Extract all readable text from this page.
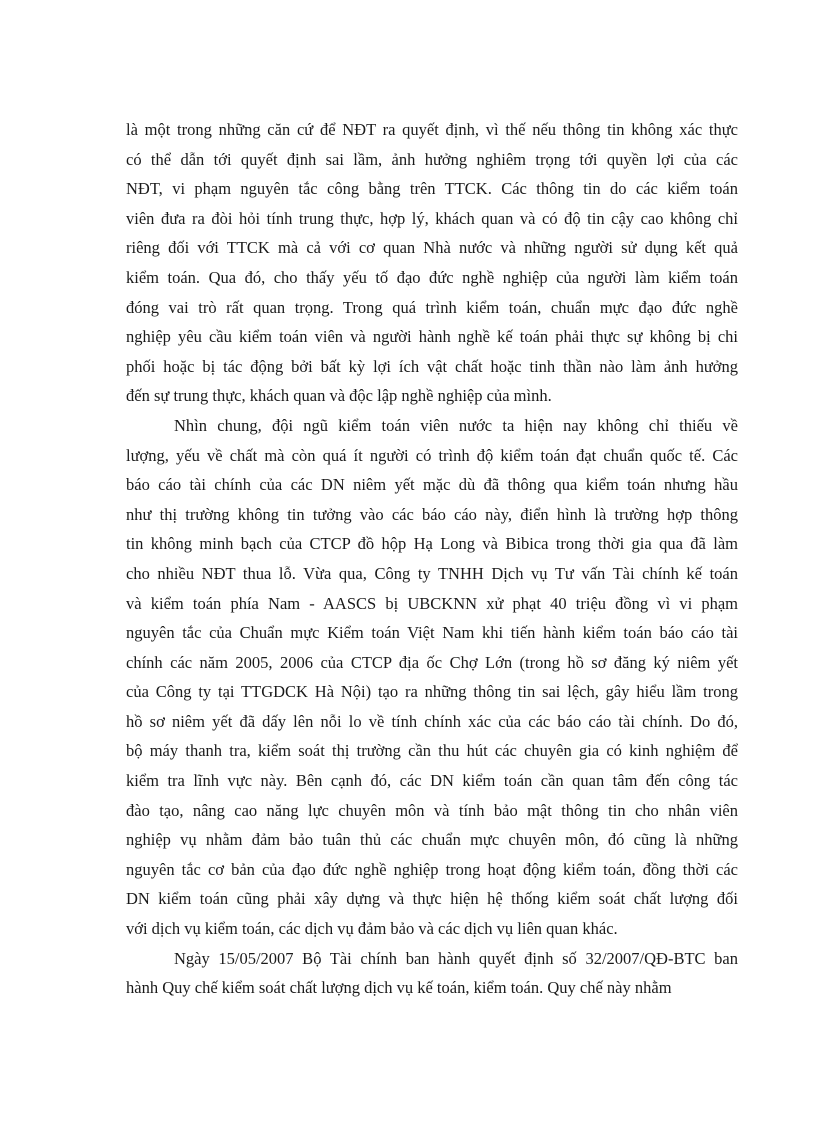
là một trong những căn cứ để NĐT ra quyết định, vì thế nếu thông tin không xác thực
có thể dẫn tới quyết định sai lầm, ảnh hưởng nghiêm trọng tới quyền lợi của các
NĐT, vi phạm nguyên tắc công bằng trên TTCK. Các thông tin do các kiểm toán
viên đưa ra đòi hỏi tính trung thực, hợp lý, khách quan và có độ tin cậy cao không chỉ
riêng đối với TTCK mà cả với cơ quan Nhà nước và những người sử dụng kết quả
kiểm toán. Qua đó, cho thấy yếu tố đạo đức nghề nghiệp của người làm kiểm toán
đóng vai trò rất quan trọng. Trong quá trình kiểm toán, chuẩn mực đạo đức nghề
nghiệp yêu cầu kiểm toán viên và người hành nghề kế toán phải thực sự không bị chi
phối hoặc bị tác động bởi bất kỳ lợi ích vật chất hoặc tinh thần nào làm ảnh hưởng
đến sự trung thực, khách quan và độc lập nghề nghiệp của mình.
Nhìn chung, đội ngũ kiểm toán viên nước ta hiện nay không chỉ thiếu về
lượng, yếu về chất mà còn quá ít người có trình độ kiểm toán đạt chuẩn quốc tế. Các
báo cáo tài chính của các DN niêm yết mặc dù đã thông qua kiểm toán nhưng hầu
như thị trường không tin tưởng vào các báo cáo này, điển hình là trường hợp thông
tin không minh bạch của CTCP đồ hộp Hạ Long và Bibica trong thời gia qua đã làm
cho nhiều NĐT thua lỗ. Vừa qua, Công ty TNHH Dịch vụ Tư vấn Tài chính kế toán
và kiểm toán phía Nam - AASCS bị UBCKNN xử phạt 40 triệu đồng vì vi phạm
nguyên tắc của Chuẩn mực Kiểm toán Việt Nam khi tiến hành kiểm toán báo cáo tài
chính các năm 2005, 2006 của CTCP địa ốc Chợ Lớn (trong hồ sơ đăng ký niêm yết
của Công ty tại TTGDCK Hà Nội) tạo ra những thông tin sai lệch, gây hiểu lầm trong
hồ sơ niêm yết đã dấy lên nỗi lo về tính chính xác của các báo cáo tài chính. Do đó,
bộ máy thanh tra, kiểm soát thị trường cần thu hút các chuyên gia có kinh nghiệm để
kiểm tra lĩnh vực này. Bên cạnh đó, các DN kiểm toán cần quan tâm đến công tác
đào tạo, nâng cao năng lực chuyên môn và tính bảo mật thông tin cho nhân viên
nghiệp vụ nhằm đảm bảo tuân thủ các chuẩn mực chuyên môn, đó cũng là những
nguyên tắc cơ bản của đạo đức nghề nghiệp trong hoạt động kiểm toán, đồng thời các
DN kiểm toán cũng phải xây dựng và thực hiện hệ thống kiểm soát chất lượng đối
với dịch vụ kiểm toán, các dịch vụ đảm bảo và các dịch vụ liên quan khác.
Ngày 15/05/2007 Bộ Tài chính ban hành quyết định số 32/2007/QĐ-BTC ban
hành Quy chế kiểm soát chất lượng dịch vụ kế toán, kiểm toán. Quy chế này nhằm
